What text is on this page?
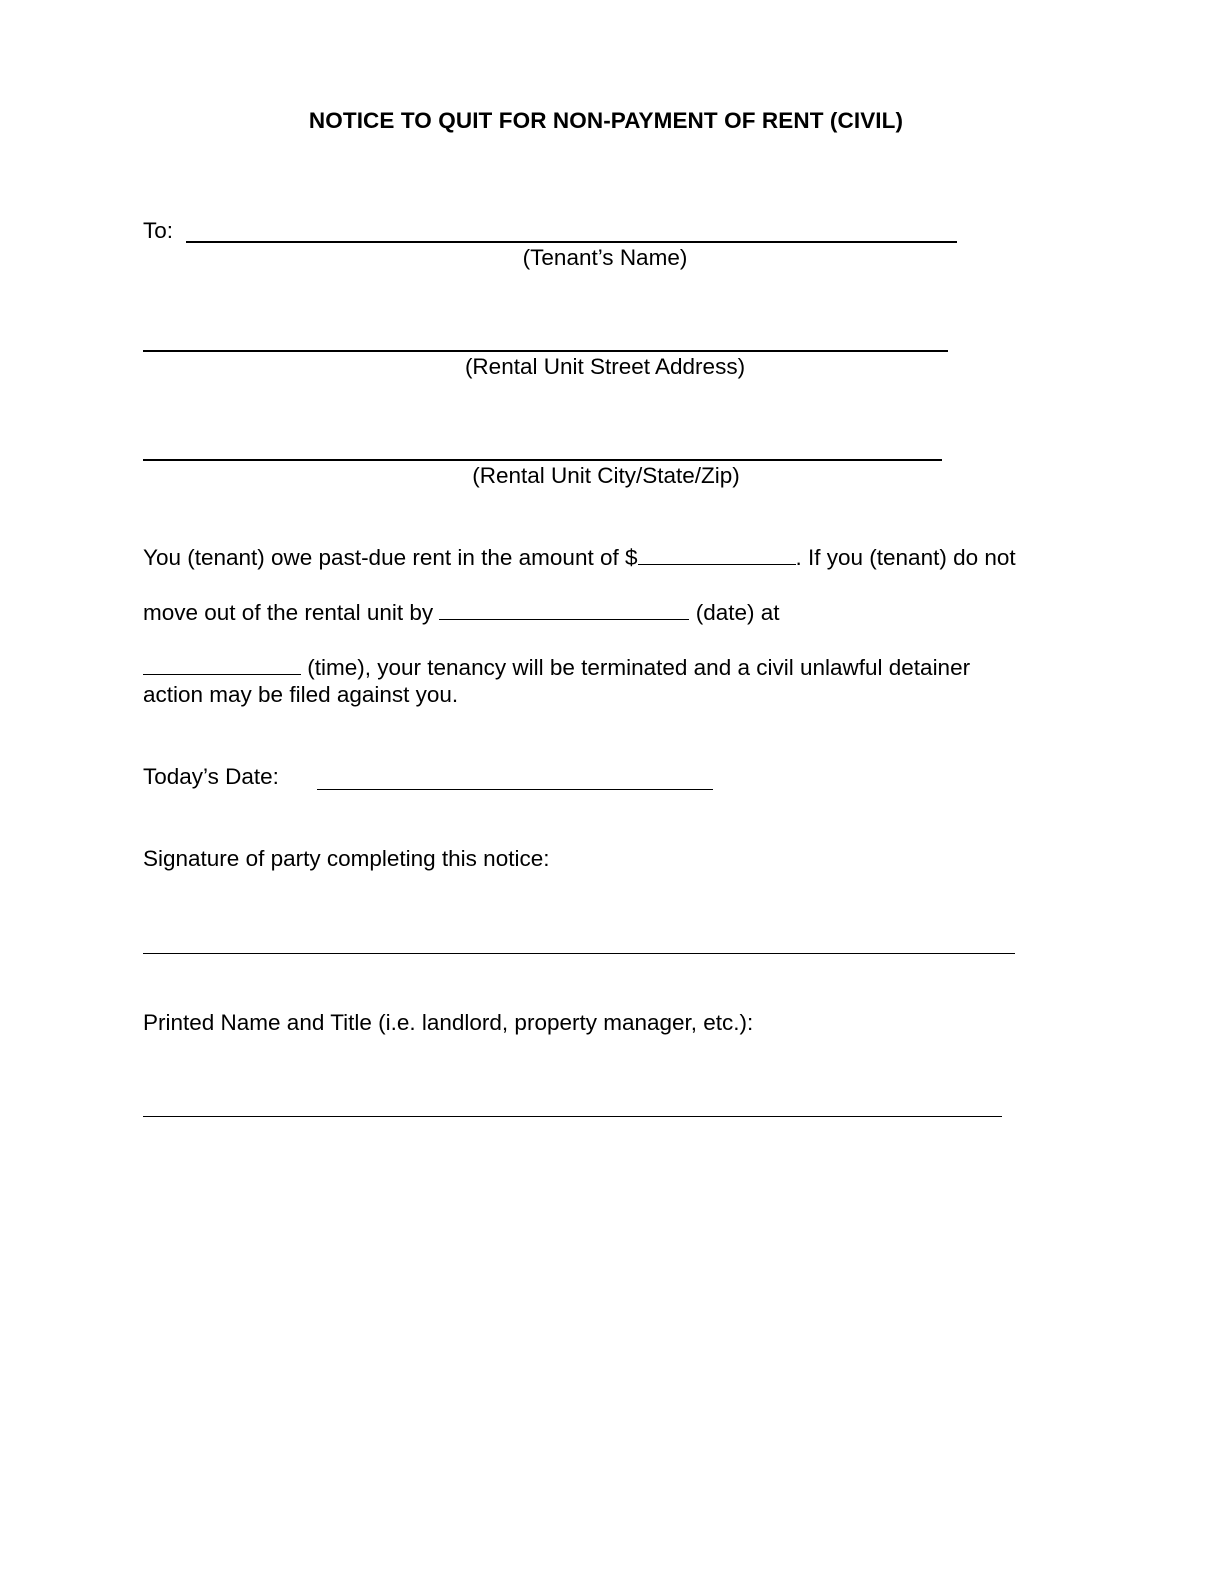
NOTICE TO QUIT FOR NON-PAYMENT OF RENT (CIVIL)
To:
(Tenant’s Name)
(Rental Unit Street Address)
(Rental Unit City/State/Zip)
You (tenant) owe past-due rent in the amount of $	. If you (tenant) do not
move out of the rental unit by	(date) at
(time), your tenancy will be terminated and a civil unlawful detainer
action may be filed against you.
Today’s Date:
Signature of party completing this notice:
Printed Name and Title (i.e. landlord, property manager, etc.):
